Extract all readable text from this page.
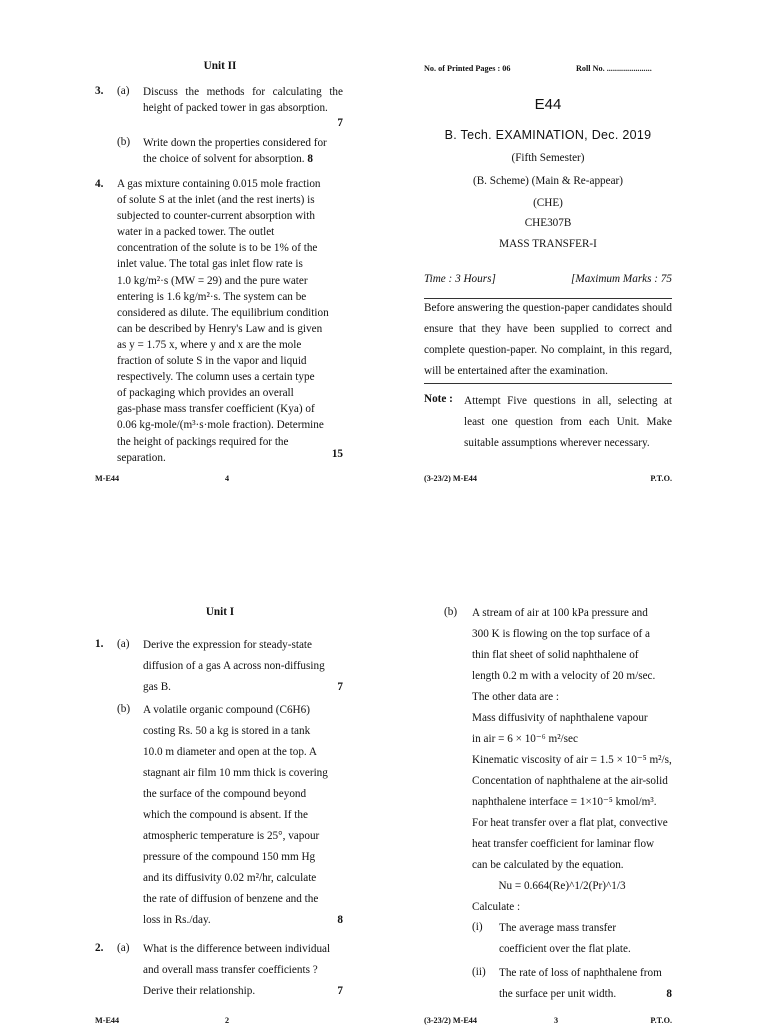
Unit II
3. (a) Discuss the methods for calculating the height of packed tower in gas absorption.
7
(b) Write down the properties considered for the choice of solvent for absorption. 8
4. A gas mixture containing 0.015 mole fraction
of solute S at the inlet (and the rest inerts) is
subjected to counter-current absorption with
water in a packed tower. The outlet
concentration of the solute is to be 1% of the
inlet value. The total gas inlet flow rate is
1.0 kg/m²·s (MW = 29) and the pure water
entering is 1.6 kg/m²·s. The system can be
considered as dilute. The equilibrium condition
can be described by Henry's Law and is given
as y = 1.75 x, where y and x are the mole
fraction of solute S in the vapor and liquid
respectively. The column uses a certain type
of packaging which provides an overall
gas-phase mass transfer coefficient (Kya) of
0.06 kg-mole/(m³·s·mole fraction). Determine
the height of packings required for the
separation.	15
M-E44	4
No. of Printed Pages : 06	Roll No. ......................
E44
B. Tech. EXAMINATION, Dec. 2019
(Fifth Semester)
(B. Scheme) (Main & Re-appear)
(CHE)
CHE307B
MASS TRANSFER-I
Time : 3 Hours]	[Maximum Marks : 75
Before answering the question-paper candidates should ensure that they have been supplied to correct and complete question-paper. No complaint, in this regard, will be entertained after the examination.
Note : Attempt Five questions in all, selecting at least one question from each Unit. Make suitable assumptions wherever necessary.
(3-23/2) M-E44	P.T.O.
Unit I
1. (a) Derive the expression for steady-state
diffusion of a gas A across non-diffusing
gas B.	7
(b) A volatile organic compound (C6H6)
costing Rs. 50 a kg is stored in a tank
10.0 m diameter and open at the top. A
stagnant air film 10 mm thick is covering
the surface of the compound beyond
which the compound is absent. If the
atmospheric temperature is 25°, vapour
pressure of the compound 150 mm Hg
and its diffusivity 0.02 m²/hr, calculate
the rate of diffusion of benzene and the
loss in Rs./day.	8
2. (a) What is the difference between individual
and overall mass transfer coefficients ?
Derive their relationship.	7
M-E44	2
(b) A stream of air at 100 kPa pressure and
300 K is flowing on the top surface of a
thin flat sheet of solid naphthalene of
length 0.2 m with a velocity of 20 m/sec.
The other data are :
Mass diffusivity of naphthalene vapour
in air = 6 × 10⁻⁶ m²/sec
Kinematic viscosity of air = 1.5 × 10⁻⁵ m²/s,
Concentation of naphthalene at the air-solid
naphthalene interface = 1×10⁻⁵ kmol/m³.
For heat transfer over a flat plat, convective
heat transfer coefficient for laminar flow
can be calculated by the equation.
Nu = 0.664(Re)^1/2(Pr)^1/3
Calculate :
(i) The average mass transfer
coefficient over the flat plate.
(ii) The rate of loss of naphthalene from
the surface per unit width.	8
(3-23/2) M-E44	3	P.T.O.
